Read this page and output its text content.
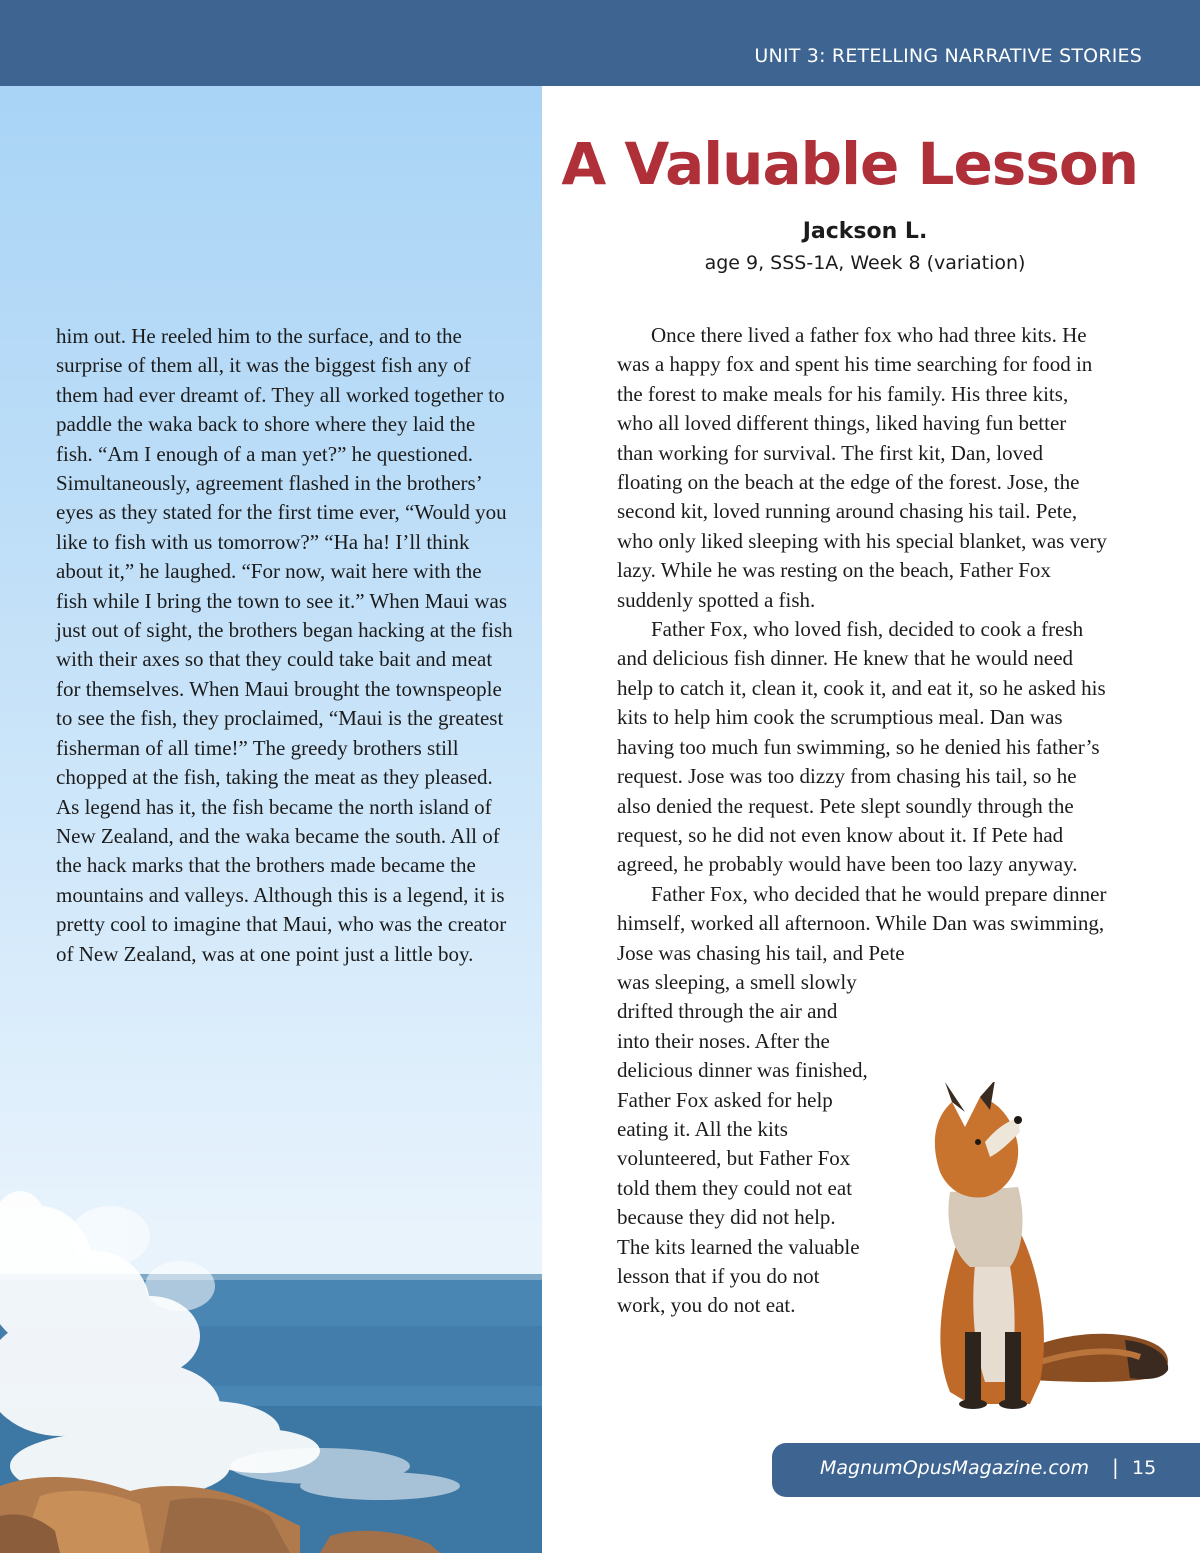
UNIT 3: RETELLING NARRATIVE STORIES

him out. He reeled him to the surface, and to the surprise of them all, it was the biggest fish any of them had ever dreamt of. They all worked together to paddle the waka back to shore where they laid the fish. “Am I enough of a man yet?” he questioned. Simultaneously, agreement flashed in the brothers’ eyes as they stated for the first time ever, “Would you like to fish with us tomorrow?” “Ha ha! I’ll think about it,” he laughed. “For now, wait here with the fish while I bring the town to see it.” When Maui was just out of sight, the brothers began hacking at the fish with their axes so that they could take bait and meat for themselves. When Maui brought the townspeople to see the fish, they proclaimed, “Maui is the greatest fisherman of all time!” The greedy brothers still chopped at the fish, taking the meat as they pleased. As legend has it, the fish became the north island of New Zealand, and the waka became the south. All of the hack marks that the brothers made became the mountains and valleys. Although this is a legend, it is pretty cool to imagine that Maui, who was the creator of New Zealand, was at one point just a little boy.

A Valuable Lesson
Jackson L.
age 9, SSS-1A, Week 8 (variation)

Once there lived a father fox who had three kits. He was a happy fox and spent his time searching for food in the forest to make meals for his family. His three kits, who all loved different things, liked having fun better than working for survival. The first kit, Dan, loved floating on the beach at the edge of the forest. Jose, the second kit, loved running around chasing his tail. Pete, who only liked sleeping with his special blanket, was very lazy. While he was resting on the beach, Father Fox suddenly spotted a fish.

Father Fox, who loved fish, decided to cook a fresh and delicious fish dinner. He knew that he would need help to catch it, clean it, cook it, and eat it, so he asked his kits to help him cook the scrumptious meal. Dan was having too much fun swimming, so he denied his father’s request. Jose was too dizzy from chasing his tail, so he also denied the request. Pete slept soundly through the request, so he did not even know about it. If Pete had agreed, he probably would have been too lazy anyway.

Father Fox, who decided that he would prepare dinner himself, worked all afternoon. While Dan was swimming, Jose was chasing his tail, and Pete

was sleeping, a smell slowly drifted through the air and into their noses. After the delicious dinner was finished, Father Fox asked for help eating it. All the kits volunteered, but Father Fox told them they could not eat because they did not help. The kits learned the valuable lesson that if you do not work, you do not eat.
MagnumOpusMagazine.com | 15
